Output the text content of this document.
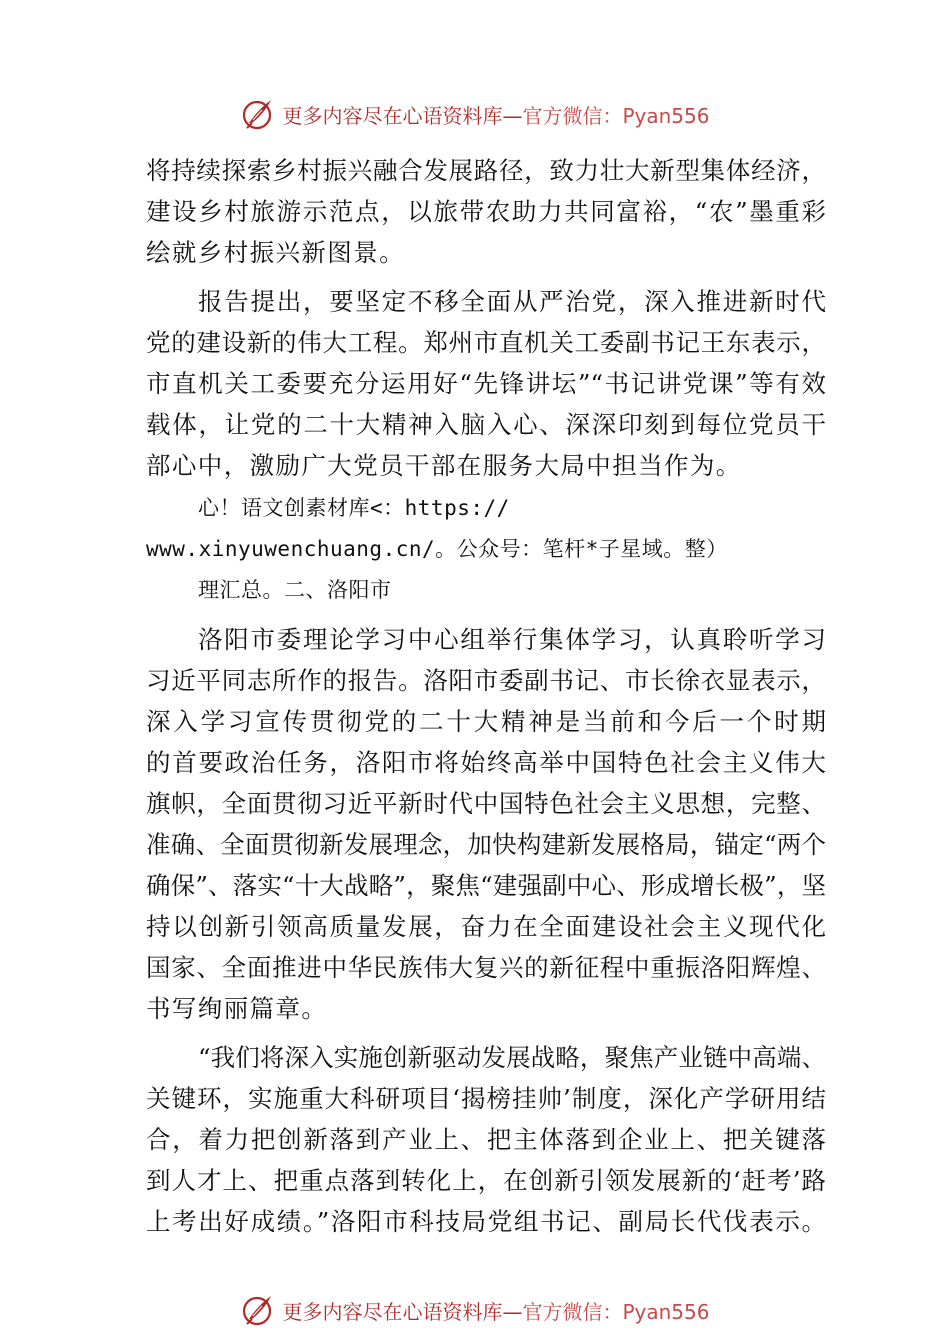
更多内容尽在心语资料库—官方微信：Pyan556
将持续探索乡村振兴融合发展路径，致力壮大新型集体经济，
建设乡村旅游示范点，以旅带农助力共同富裕，“农”墨重彩
绘就乡村振兴新图景。
报告提出，要坚定不移全面从严治党，深入推进新时代
党的建设新的伟大工程。郑州市直机关工委副书记王东表示，
市直机关工委要充分运用好“先锋讲坛”“书记讲党课”等有效
载体，让党的二十大精神入脑入心、深深印刻到每位党员干
部心中，激励广大党员干部在服务大局中担当作为。
心！语文创素材库<：https://
www.xinyuwenchuang.cn/。公众号：笔杆*子星域。整）
理汇总。二、洛阳市
洛阳市委理论学习中心组举行集体学习，认真聆听学习
习近平同志所作的报告。洛阳市委副书记、市长徐衣显表示，
深入学习宣传贯彻党的二十大精神是当前和今后一个时期
的首要政治任务，洛阳市将始终高举中国特色社会主义伟大
旗帜，全面贯彻习近平新时代中国特色社会主义思想，完整、
准确、全面贯彻新发展理念，加快构建新发展格局，锚定“两个
确保”、落实“十大战略”，聚焦“建强副中心、形成增长极”，坚
持以创新引领高质量发展，奋力在全面建设社会主义现代化
国家、全面推进中华民族伟大复兴的新征程中重振洛阳辉煌、
书写绚丽篇章。
“我们将深入实施创新驱动发展战略，聚焦产业链中高端、
关键环，实施重大科研项目‘揭榜挂帅’制度，深化产学研用结
合，着力把创新落到产业上、把主体落到企业上、把关键落
到人才上、把重点落到转化上，在创新引领发展新的‘赶考’路
上考出好成绩。”洛阳市科技局党组书记、副局长代伐表示。
更多内容尽在心语资料库—官方微信：Pyan556
